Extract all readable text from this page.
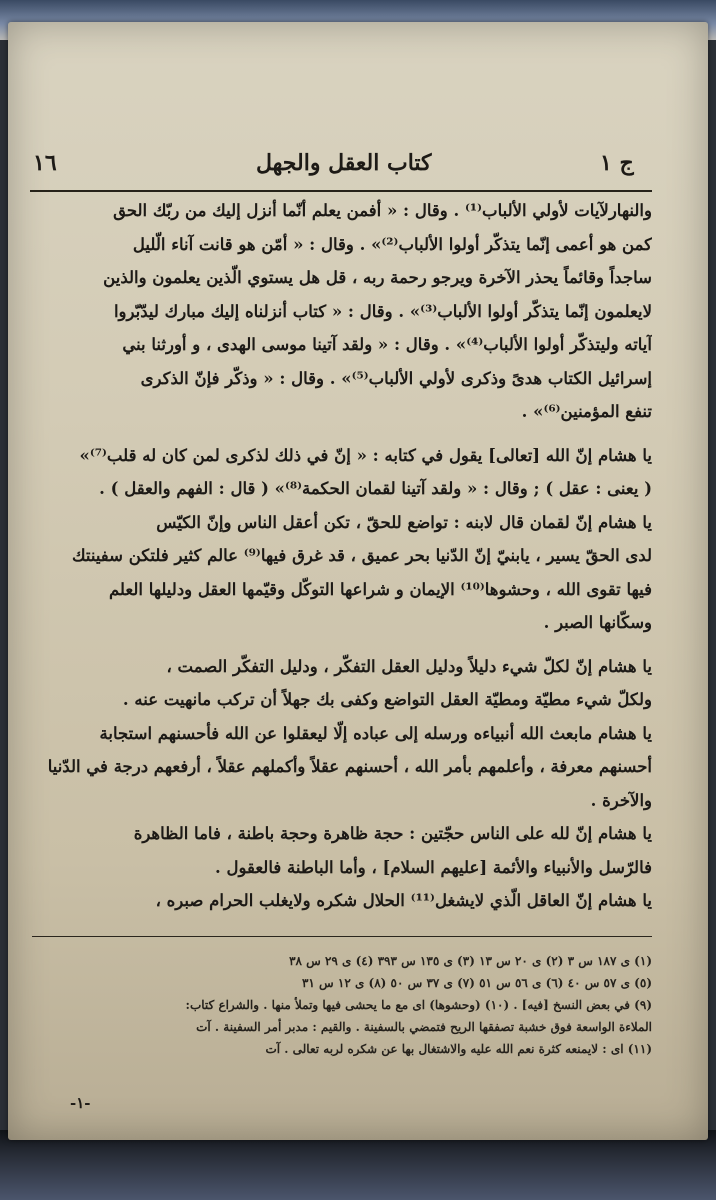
ج ١
كتاب العقل والجهل
١٦
والنهارلآيات لأولي الألباب⁽¹⁾ . وقال : « أفمن يعلم أنّما أنزل إليك من ربّك الحق
كمن هو أعمى إنّما يتذكّر أولوا الألباب⁽²⁾» . وقال : « أمّن هو قانت آناء الّليل
ساجداً وقائماً يحذر الآخرة ويرجو رحمة ربه ، قل هل يستوي الّذين يعلمون والذين
لايعلمون إنّما يتذكّر أولوا الألباب⁽³⁾» . وقال : « كتاب أنزلناه إليك مبارك ليدّبّروا
آياته وليتذكّر أولوا الألباب⁽⁴⁾» . وقال : « ولقد آتينا موسى الهدى ، و أورثنا بني
إسرائيل الكتاب هدىً وذكرى لأولي الألباب⁽⁵⁾» . وقال : « وذكّر فإنّ الذكرى
تنفع المؤمنين⁽⁶⁾» .
يا هشام إنّ الله [تعالى] يقول في كتابه : « إنّ في ذلك لذكرى لمن كان له قلب⁽⁷⁾»
( يعنى : عقل ) ; وقال : « ولقد آتينا لقمان الحكمة⁽⁸⁾» ( قال : الفهم والعقل ) .
يا هشام إنّ لقمان قال لابنه : تواضع للحقّ ، تكن أعقل الناس وإنّ الكيّس
لدى الحقّ يسير ، يابنيّ إنّ الدّنيا بحر عميق ، قد غرق فيها⁽⁹⁾ عالم كثير فلتكن سفينتك
فيها تقوى الله ، وحشوها⁽¹⁰⁾ الإيمان و شراعها التوكّل وقيّمها العقل ودليلها العلم
وسكّانها الصبر .
يا هشام إنّ لكلّ شيء دليلاً ودليل العقل التفكّر ، ودليل التفكّر الصمت ،
ولكلّ شيء مطيّة ومطيّة العقل التواضع وكفى بك جهلاً أن تركب مانهيت عنه .
يا هشام مابعث الله أنبياءه ورسله إلى عباده إلّا ليعقلوا عن الله فأحسنهم استجابة
أحسنهم معرفة ، وأعلمهم بأمر الله ، أحسنهم عقلاً وأكملهم عقلاً ، أرفعهم درجة في الدّنيا
والآخرة .
يا هشام إنّ لله على الناس حجّتين : حجة ظاهرة وحجة باطنة ، فاما الظاهرة
فالرّسل والأنبياء والأئمة [عليهم السلام] ، وأما الباطنة فالعقول .
يا هشام إنّ العاقل الّذي لايشغل⁽¹¹⁾ الحلال شكره ولايغلب الحرام صبره ،
(١) ى ١٨٧ س ٣ (٢) ى ٢٠ س ١٣ (٣) ى ١٣٥ س ٣٩٣ (٤) ى ٢٩ س ٣٨
(٥) ى ٥٧ س ٤٠ (٦) ى ٥٦ س ٥١ (٧) ى ٣٧ س ٥٠ (٨) ى ١٢ س ٣١
(٩) في بعض النسخ [فيه] . (١٠) (وحشوها) اى مع ما يحشى فيها وتملأ منها . والشراع كتاب:
الملاءة الواسعة فوق خشبة تصفقها الريح فتمضي بالسفينة . والقيم : مدبر أمر السفينة . آت
(١١) اى : لايمنعه كثرة نعم الله عليه والاشتغال بها عن شكره لربه تعالى . آت
-١-
